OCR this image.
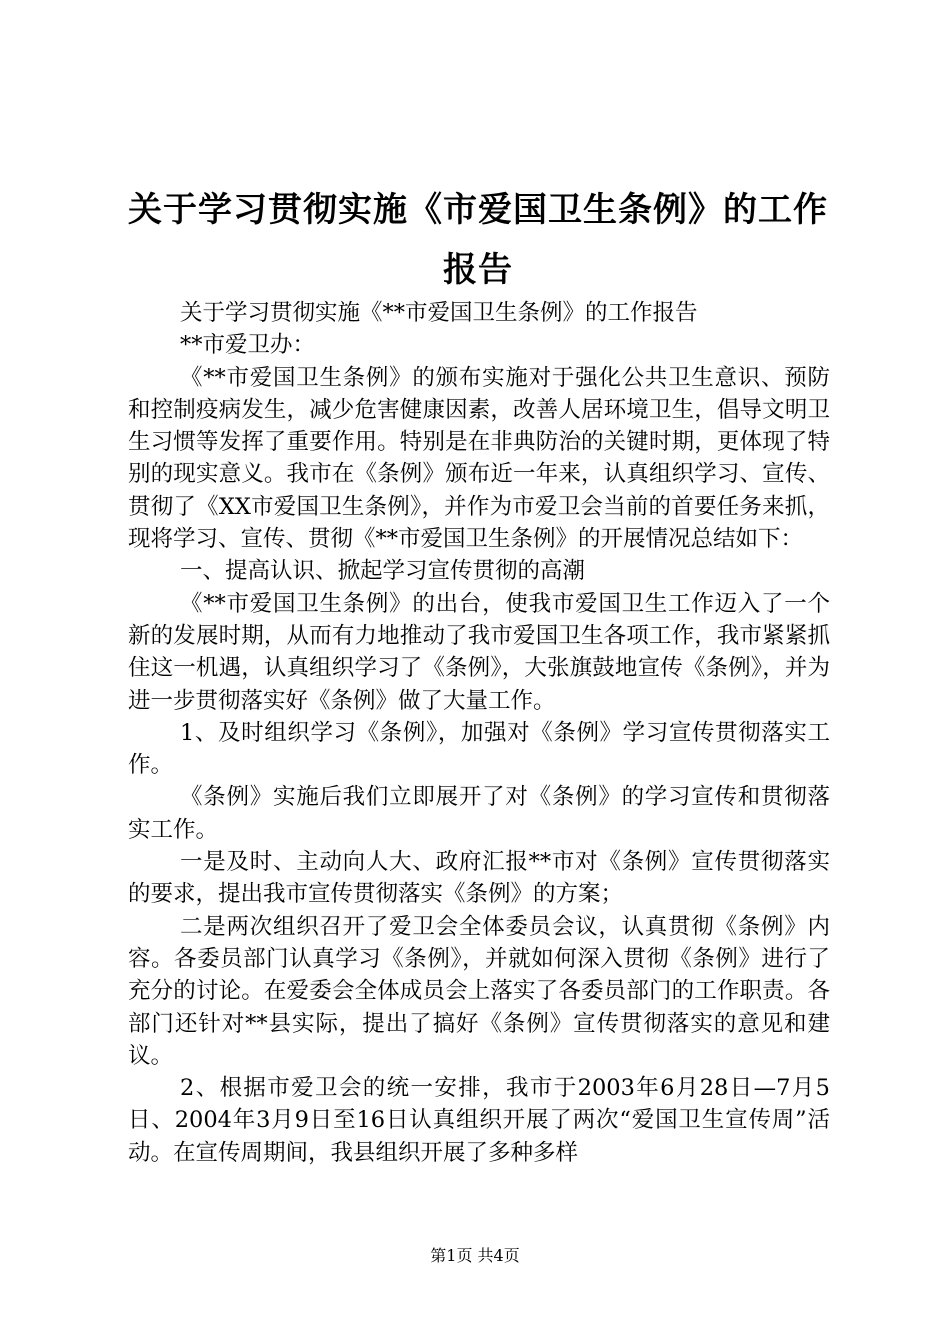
关于学习贯彻实施《市爱国卫生条例》的工作
报告

关于学习贯彻实施《**市爱国卫生条例》的工作报告

**市爱卫办：

《**市爱国卫生条例》的颁布实施对于强化公共卫生意识、预防和控制疫病发生，减少危害健康因素，改善人居环境卫生，倡导文明卫生习惯等发挥了重要作用。特别是在非典防治的关键时期，更体现了特别的现实意义。我市在《条例》颁布近一年来，认真组织学习、宣传、贯彻了《XX市爱国卫生条例》，并作为市爱卫会当前的首要任务来抓，现将学习、宣传、贯彻《**市爱国卫生条例》的开展情况总结如下：

一、提高认识、掀起学习宣传贯彻的高潮

《**市爱国卫生条例》的出台，使我市爱国卫生工作迈入了一个新的发展时期，从而有力地推动了我市爱国卫生各项工作，我市紧紧抓住这一机遇，认真组织学习了《条例》，大张旗鼓地宣传《条例》，并为进一步贯彻落实好《条例》做了大量工作。

1、及时组织学习《条例》，加强对《条例》学习宣传贯彻落实工作。

《条例》实施后我们立即展开了对《条例》的学习宣传和贯彻落实工作。

一是及时、主动向人大、政府汇报**市对《条例》宣传贯彻落实的要求，提出我市宣传贯彻落实《条例》的方案；

二是两次组织召开了爱卫会全体委员会议，认真贯彻《条例》内容。各委员部门认真学习《条例》，并就如何深入贯彻《条例》进行了充分的讨论。在爱委会全体成员会上落实了各委员部门的工作职责。各部门还针对**县实际，提出了搞好《条例》宣传贯彻落实的意见和建议。

2、根据市爱卫会的统一安排，我市于2003年6月28日—7月5日、2004年3月9日至16日认真组织开展了两次“爱国卫生宣传周”活动。在宣传周期间，我县组织开展了多种多样

第1页 共4页
